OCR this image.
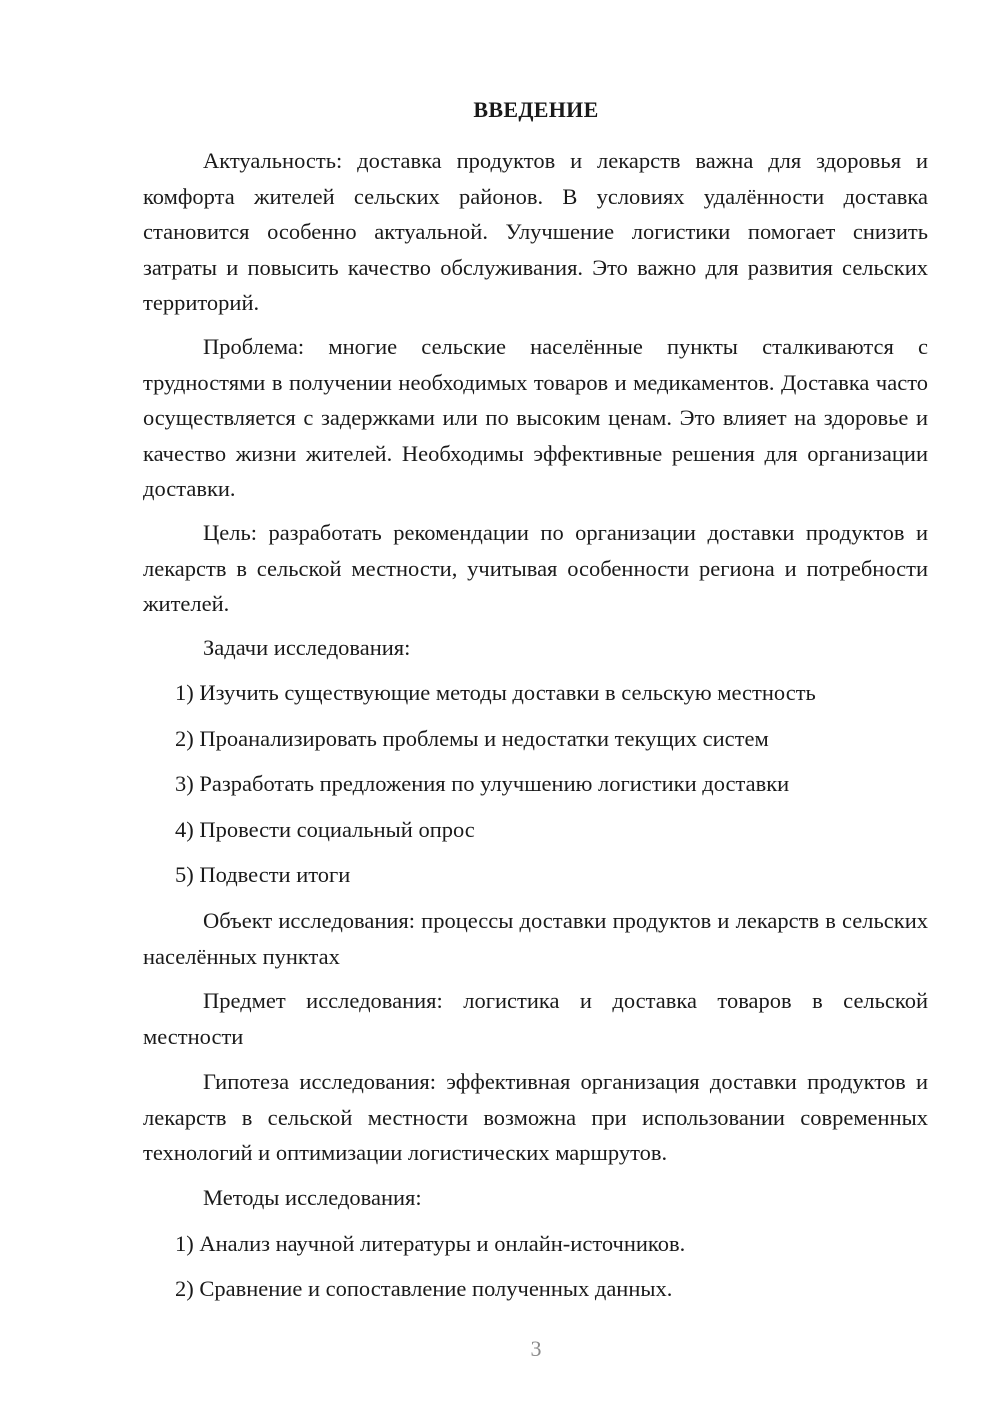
ВВЕДЕНИЕ

Актуальность: доставка продуктов и лекарств важна для здоровья и комфорта жителей сельских районов. В условиях удалённости доставка становится особенно актуальной. Улучшение логистики помогает снизить затраты и повысить качество обслуживания. Это важно для развития сельских территорий.

Проблема: многие сельские населённые пункты сталкиваются с трудностями в получении необходимых товаров и медикаментов. Доставка часто осуществляется с задержками или по высоким ценам. Это влияет на здоровье и качество жизни жителей. Необходимы эффективные решения для организации доставки.

Цель: разработать рекомендации по организации доставки продуктов и лекарств в сельской местности, учитывая особенности региона и потребности жителей.

Задачи исследования:

1) Изучить существующие методы доставки в сельскую местность

2) Проанализировать проблемы и недостатки текущих систем

3) Разработать предложения по улучшению логистики доставки

4) Провести социальный опрос

5) Подвести итоги

Объект исследования: процессы доставки продуктов и лекарств в сельских населённых пунктах

Предмет исследования: логистика и доставка товаров в сельской местности

Гипотеза исследования: эффективная организация доставки продуктов и лекарств в сельской местности возможна при использовании современных технологий и оптимизации логистических маршрутов.

Методы исследования:

1) Анализ научной литературы и онлайн-источников.

2) Сравнение и сопоставление полученных данных.

3
